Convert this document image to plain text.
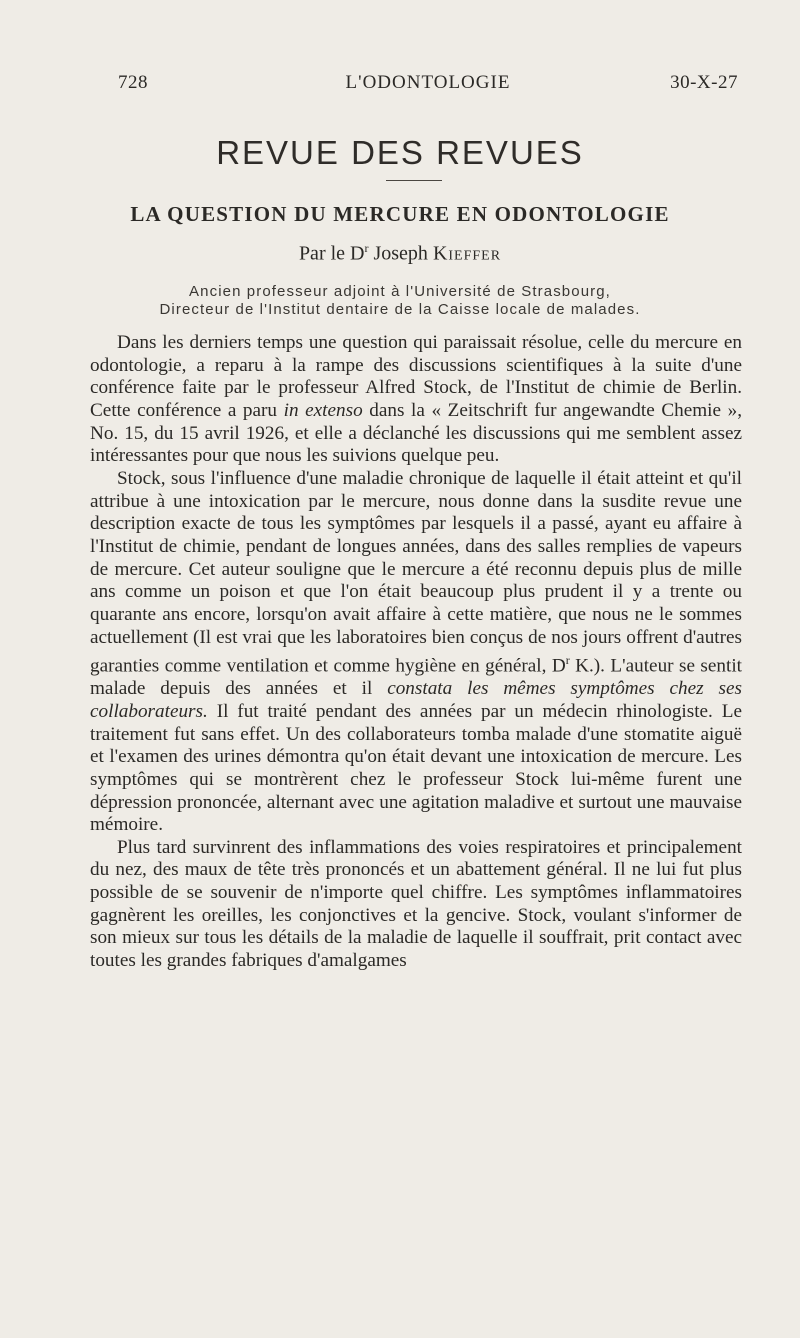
728	L'ODONTOLOGIE	30-X-27
REVUE DES REVUES
LA QUESTION DU MERCURE EN ODONTOLOGIE
Par le $D^r$ Joseph Kieffer
Ancien professeur adjoint à l'Université de Strasbourg,
Directeur de l'Institut dentaire de la Caisse locale de malades.

Dans les derniers temps une question qui paraissait résolue, celle du mercure en odontologie, a reparu à la rampe des discussions scientifiques à la suite d'une conférence faite par le professeur Alfred Stock, de l'Institut de chimie de Berlin. Cette conférence a paru in extenso dans la « Zeitschrift fur angewandte Chemie », No. 15, du 15 avril 1926, et elle a déclanché les discussions qui me semblent assez intéressantes pour que nous les suivions quelque peu.

Stock, sous l'influence d'une maladie chronique de laquelle il était atteint et qu'il attribue à une intoxication par le mercure, nous donne dans la susdite revue une description exacte de tous les symptômes par lesquels il a passé, ayant eu affaire à l'Institut de chimie, pendant de longues années, dans des salles remplies de vapeurs de mercure. Cet auteur souligne que le mercure a été reconnu depuis plus de mille ans comme un poison et que l'on était beaucoup plus prudent il y a trente ou quarante ans encore, lorsqu'on avait affaire à cette matière, que nous ne le sommes actuellement (Il est vrai que les laboratoires bien conçus de nos jours offrent d'autres garanties comme ventilation et comme hygiène en général, $D^r$ K.). L'auteur se sentit malade depuis des années et il constata les mêmes symptômes chez ses collaborateurs. Il fut traité pendant des années par un médecin rhinologiste. Le traitement fut sans effet. Un des collaborateurs tomba malade d'une stomatite aiguë et l'examen des urines démontra qu'on était devant une intoxication de mercure. Les symptômes qui se montrèrent chez le professeur Stock lui-même furent une dépression prononcée, alternant avec une agitation maladive et surtout une mauvaise mémoire.

Plus tard survinrent des inflammations des voies respiratoires et principalement du nez, des maux de tête très prononcés et un abattement général. Il ne lui fut plus possible de se souvenir de n'importe quel chiffre. Les symptômes inflammatoires gagnèrent les oreilles, les conjonctives et la gencive. Stock, voulant s'informer de son mieux sur tous les détails de la maladie de laquelle il souffrait, prit contact avec toutes les grandes fabriques d'amalgames
